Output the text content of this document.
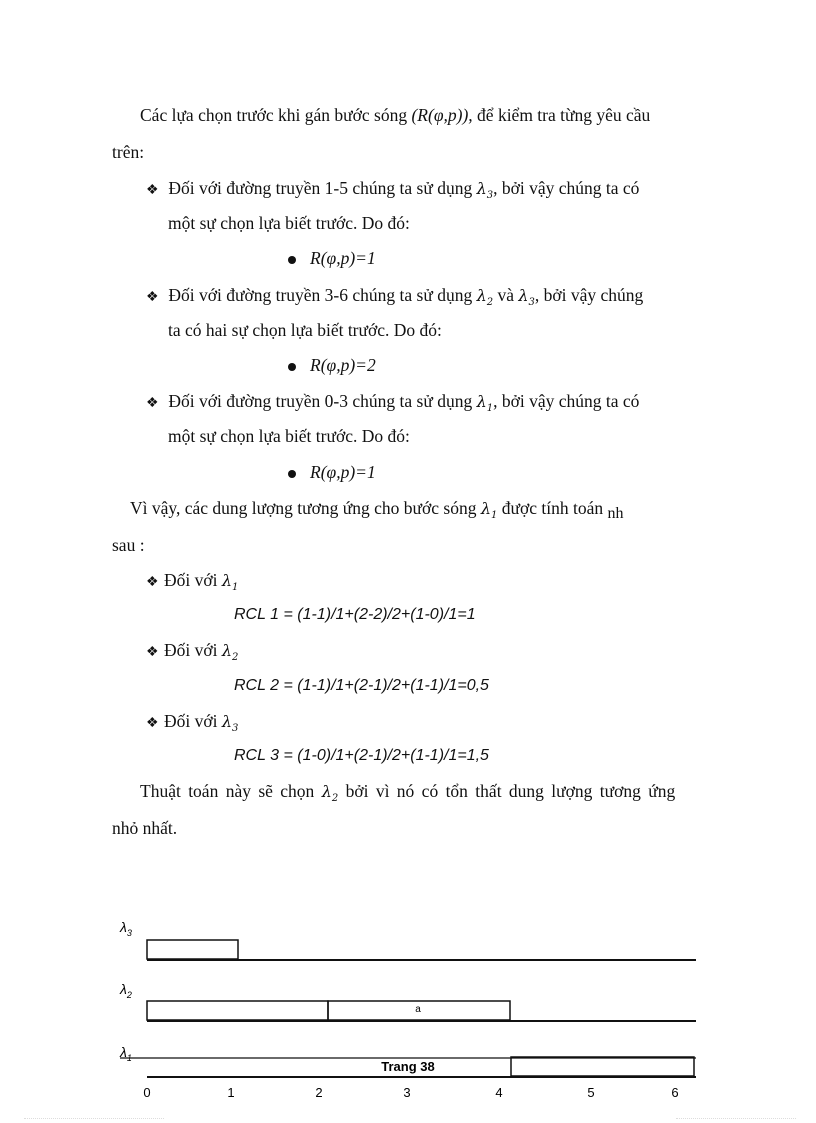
Các lựa chọn trước khi gán bước sóng (R(φ,p)), để kiểm tra từng yêu cầu
trên:
❖ Đối với đường truyền 1-5 chúng ta sử dụng $\lambda_3$, bởi vậy chúng ta có
một sự chọn lựa biết trước. Do đó:
R(φ,p)=1
❖ Đối với đường truyền 3-6 chúng ta sử dụng $\lambda_2$ và $\lambda_3$, bởi vậy chúng
ta có hai sự chọn lựa biết trước. Do đó:
R(φ,p)=2
❖ Đối với đường truyền 0-3 chúng ta sử dụng $\lambda_1$, bởi vậy chúng ta có
một sự chọn lựa biết trước. Do đó:
R(φ,p)=1
Vì vậy, các dung lượng tương ứng cho bước sóng $\lambda_1$ được tính toán nh
sau :
❖ Đối với $\lambda_1$
RCL 1 = (1-1)/1+(2-2)/2+(1-0)/1=1
❖ Đối với $\lambda_2$
RCL 2 = (1-1)/1+(2-1)/2+(1-1)/1=0,5
❖ Đối với $\lambda_3$
RCL 3 = (1-0)/1+(2-1)/2+(1-1)/1=1,5
Thuật toán này sẽ chọn $\lambda_2$ bởi vì nó có tổn thất dung lượng tương ứng
nhỏ nhất.
$\lambda_3$
$\lambda_2$
a
$\lambda_1$
Trang 38
0	1	2	3	4	5	6
